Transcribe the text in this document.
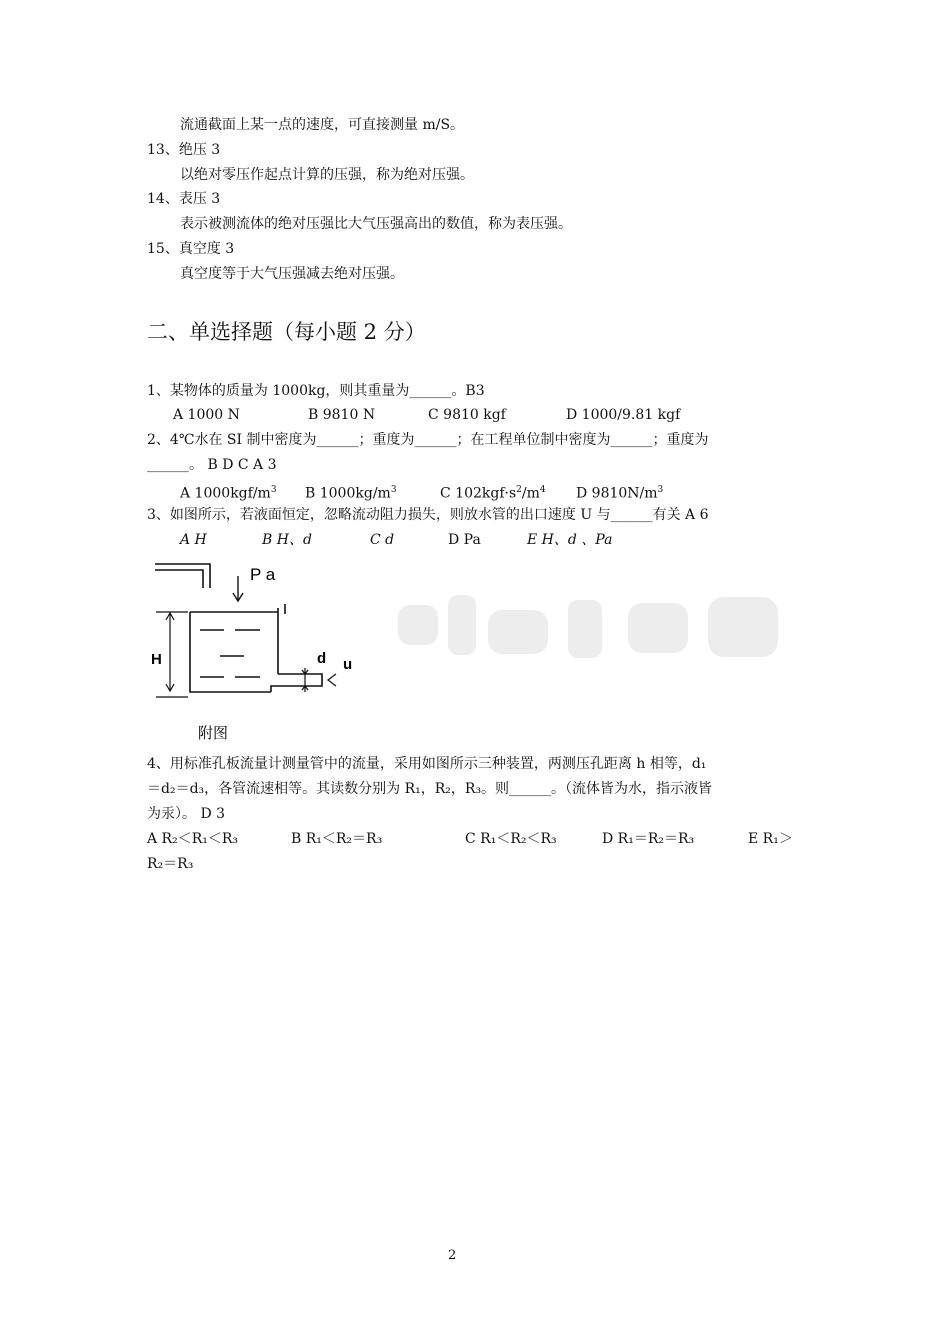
流通截面上某一点的速度，可直接测量 m/S。
13、绝压 3
以绝对零压作起点计算的压强，称为绝对压强。
14、表压 3
表示被测流体的绝对压强比大气压强高出的数值，称为表压强。
15、真空度 3
真空度等于大气压强减去绝对压强。
二、单选择题（每小题 2 分）
1、某物体的质量为 1000kg，则其重量为______。B3
A 1000 N	B 9810 N	C 9810 kgf	D 1000/9.81 kgf
2、4℃水在 SI 制中密度为______；重度为______；在工程单位制中密度为______；重度为
______。 B D C A 3
A $1000kgf/m^3$ B $1000kg/m^3$	C $102kgf\cdot s^2/m^4$ D $9810N/m^3$
3、如图所示，若液面恒定，忽略流动阻力损失，则放水管的出口速度 U 与______有关 A 6
A H	B H、d	C d	D Pa	E H、d 、Pa
P a
H	d u
附图
4、用标准孔板流量计测量管中的流量，采用如图所示三种装置，两测压孔距离 h 相等，d₁
＝d₂＝d₃，各管流速相等。其读数分别为 R₁，R₂，R₃。则______。（流体皆为水，指示液皆
为汞）。 D 3
A R₂＜R₁＜R₃	B R₁＜R₂＝R₃	C R₁＜R₂＜R₃	D R₁＝R₂＝R₃	E R₁＞
R₂＝R₃
2
